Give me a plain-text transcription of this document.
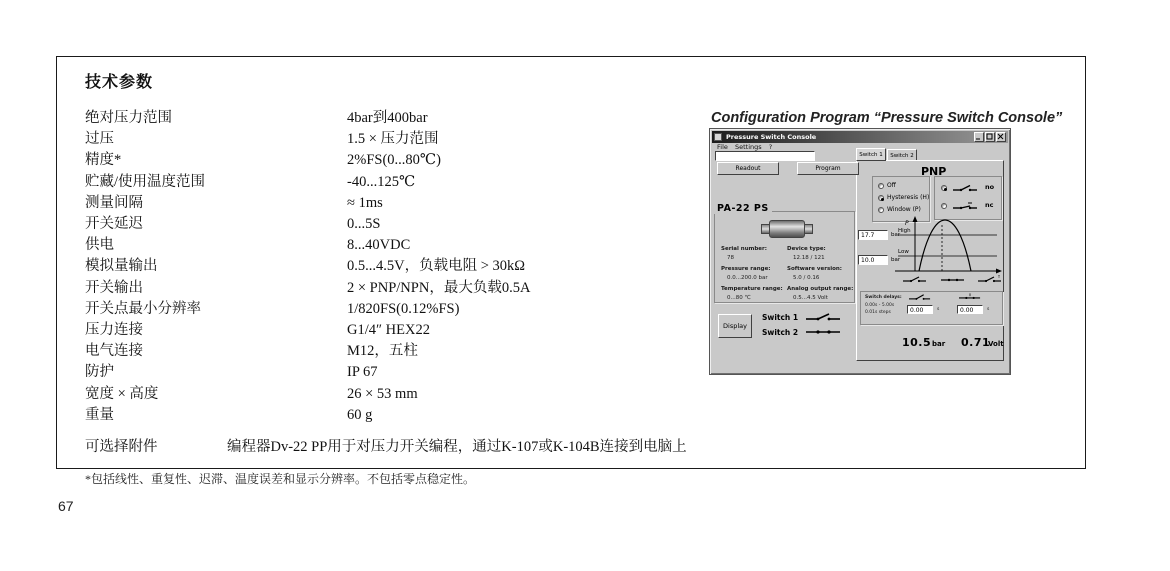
技术参数
绝对压力范围	4bar到400bar
过压	1.5 × 压力范围
精度*	2%FS(0...80℃)
贮藏/使用温度范围	-40...125℃
测量间隔	≈ 1ms
开关延迟	0...5S
供电	8...40VDC
模拟量输出	0.5...4.5V，负载电阻 > 30kΩ
开关输出	2 × PNP/NPN，最大负载0.5A
开关点最小分辨率	1/820FS(0.12%FS)
压力连接	G1/4″ HEX22
电气连接	M12，五柱
防护	IP 67
宽度 × 高度	26 × 53 mm
重量	60 g
可选择附件	编程器Dv-22 PP用于对压力开关编程，通过K-107或K-104B连接到电脑上
*包括线性、重复性、迟滞、温度误差和显示分辨率。不包括零点稳定性。
Configuration Program “Pressure Switch Console”
Pressure Switch Console
File Settings ?
Switch 1	Switch 2
Readout	Program	PNP
Off
Hysteresis (H)
Window (P)
no
nc
PA-22 PS
Serial number:
78
Device type:
12.18 / 121
Pressure range:
0.0...200.0 bar
Software version:
5.0 / 0.16
Temperature range:
0...80 ℃
Analog output range:
0.5...4.5 Volt
Display
Switch 1
Switch 2
17.7	bar
10.0	bar
P
High
Low
Switch delays:
0.00s - 5.00s
0.01s steps	0.00	s	0.00	s
10.5 bar 0.71
Volt
67
